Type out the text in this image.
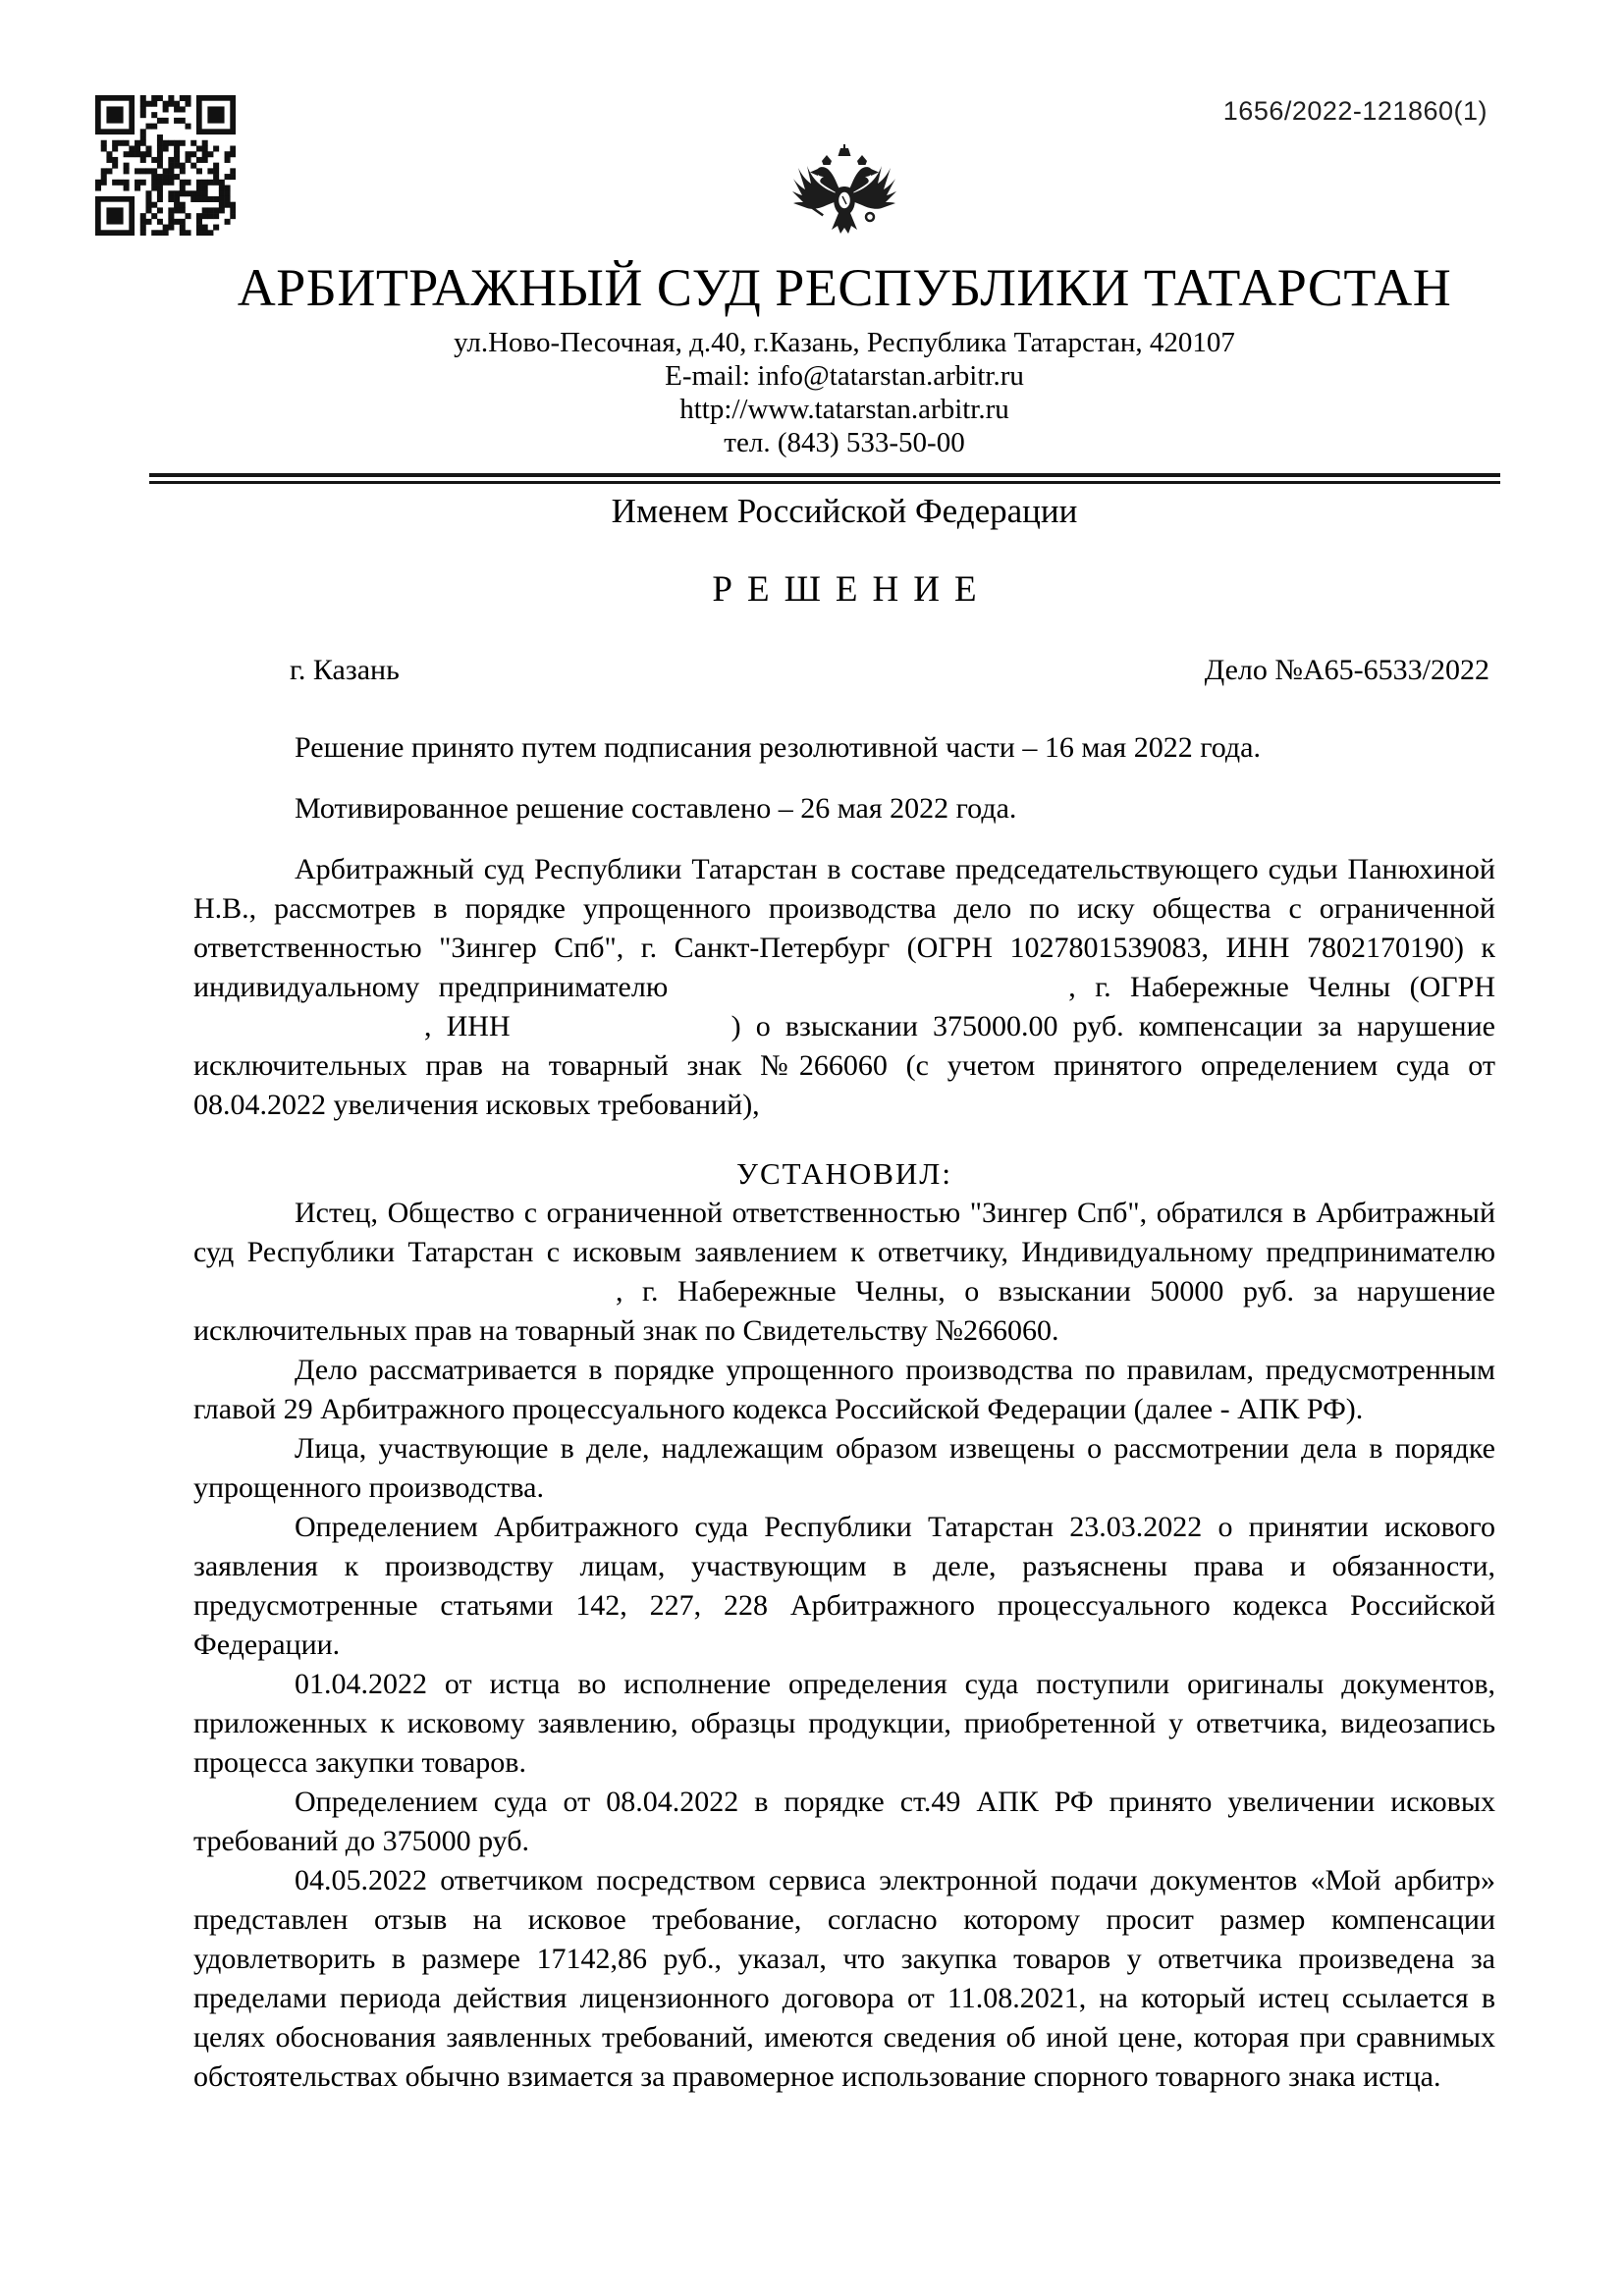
1656/2022-121860(1)
АРБИТРАЖНЫЙ СУД РЕСПУБЛИКИ ТАТАРСТАН
ул.Ново-Песочная, д.40, г.Казань, Республика Татарстан, 420107
E-mail: info@tatarstan.arbitr.ru
http://www.tatarstan.arbitr.ru
тел. (843) 533-50-00
Именем Российской Федерации
РЕШЕНИЕ
г. Казань	Дело №А65-6533/2022

Решение принято путем подписания резолютивной части – 16 мая 2022 года.

Мотивированное решение составлено – 26 мая 2022 года.

Арбитражный суд Республики Татарстан в составе председательствующего судьи Панюхиной Н.В., рассмотрев в порядке упрощенного производства дело по иску общества с ограниченной ответственностью "Зингер Спб", г. Санкт-Петербург (ОГРН 1027801539083, ИНН 7802170190) к индивидуальному предпринимателю	, г. Набережные Челны (ОГРН, ИНН	) о взыскании 375000.00 руб. компенсации за нарушение исключительных прав на товарный знак №266060 (с учетом принятого определением суда от 08.04.2022 увеличения исковых требований),

УСТАНОВИЛ:

Истец, Общество с ограниченной ответственностью "Зингер Спб", обратился в Арбитражный суд Республики Татарстан с исковым заявлением к ответчику, Индивидуальному предпринимателю, г. Набережные Челны, о взыскании 50000 руб. за нарушение исключительных прав на товарный знак по Свидетельству №266060.

Дело рассматривается в порядке упрощенного производства по правилам, предусмотренным главой 29 Арбитражного процессуального кодекса Российской Федерации (далее - АПК РФ).

Лица, участвующие в деле, надлежащим образом извещены о рассмотрении дела в порядке упрощенного производства.

Определением Арбитражного суда Республики Татарстан 23.03.2022 о принятии искового заявления к производству лицам, участвующим в деле, разъяснены права и обязанности, предусмотренные статьями 142, 227, 228 Арбитражного процессуального кодекса Российской Федерации.

01.04.2022 от истца во исполнение определения суда поступили оригиналы документов, приложенных к исковому заявлению, образцы продукции, приобретенной у ответчика, видеозапись процесса закупки товаров.

Определением суда от 08.04.2022 в порядке ст.49 АПК РФ принято увеличении исковых требований до 375000 руб.

04.05.2022 ответчиком посредством сервиса электронной подачи документов «Мой арбитр» представлен отзыв на исковое требование, согласно которому просит размер компенсации удовлетворить в размере 17142,86 руб., указал, что закупка товаров у ответчика произведена за пределами периода действия лицензионного договора от 11.08.2021, на который истец ссылается в целях обоснования заявленных требований, имеются сведения об иной цене, которая при сравнимых обстоятельствах обычно взимается за правомерное использование спорного товарного знака истца.
